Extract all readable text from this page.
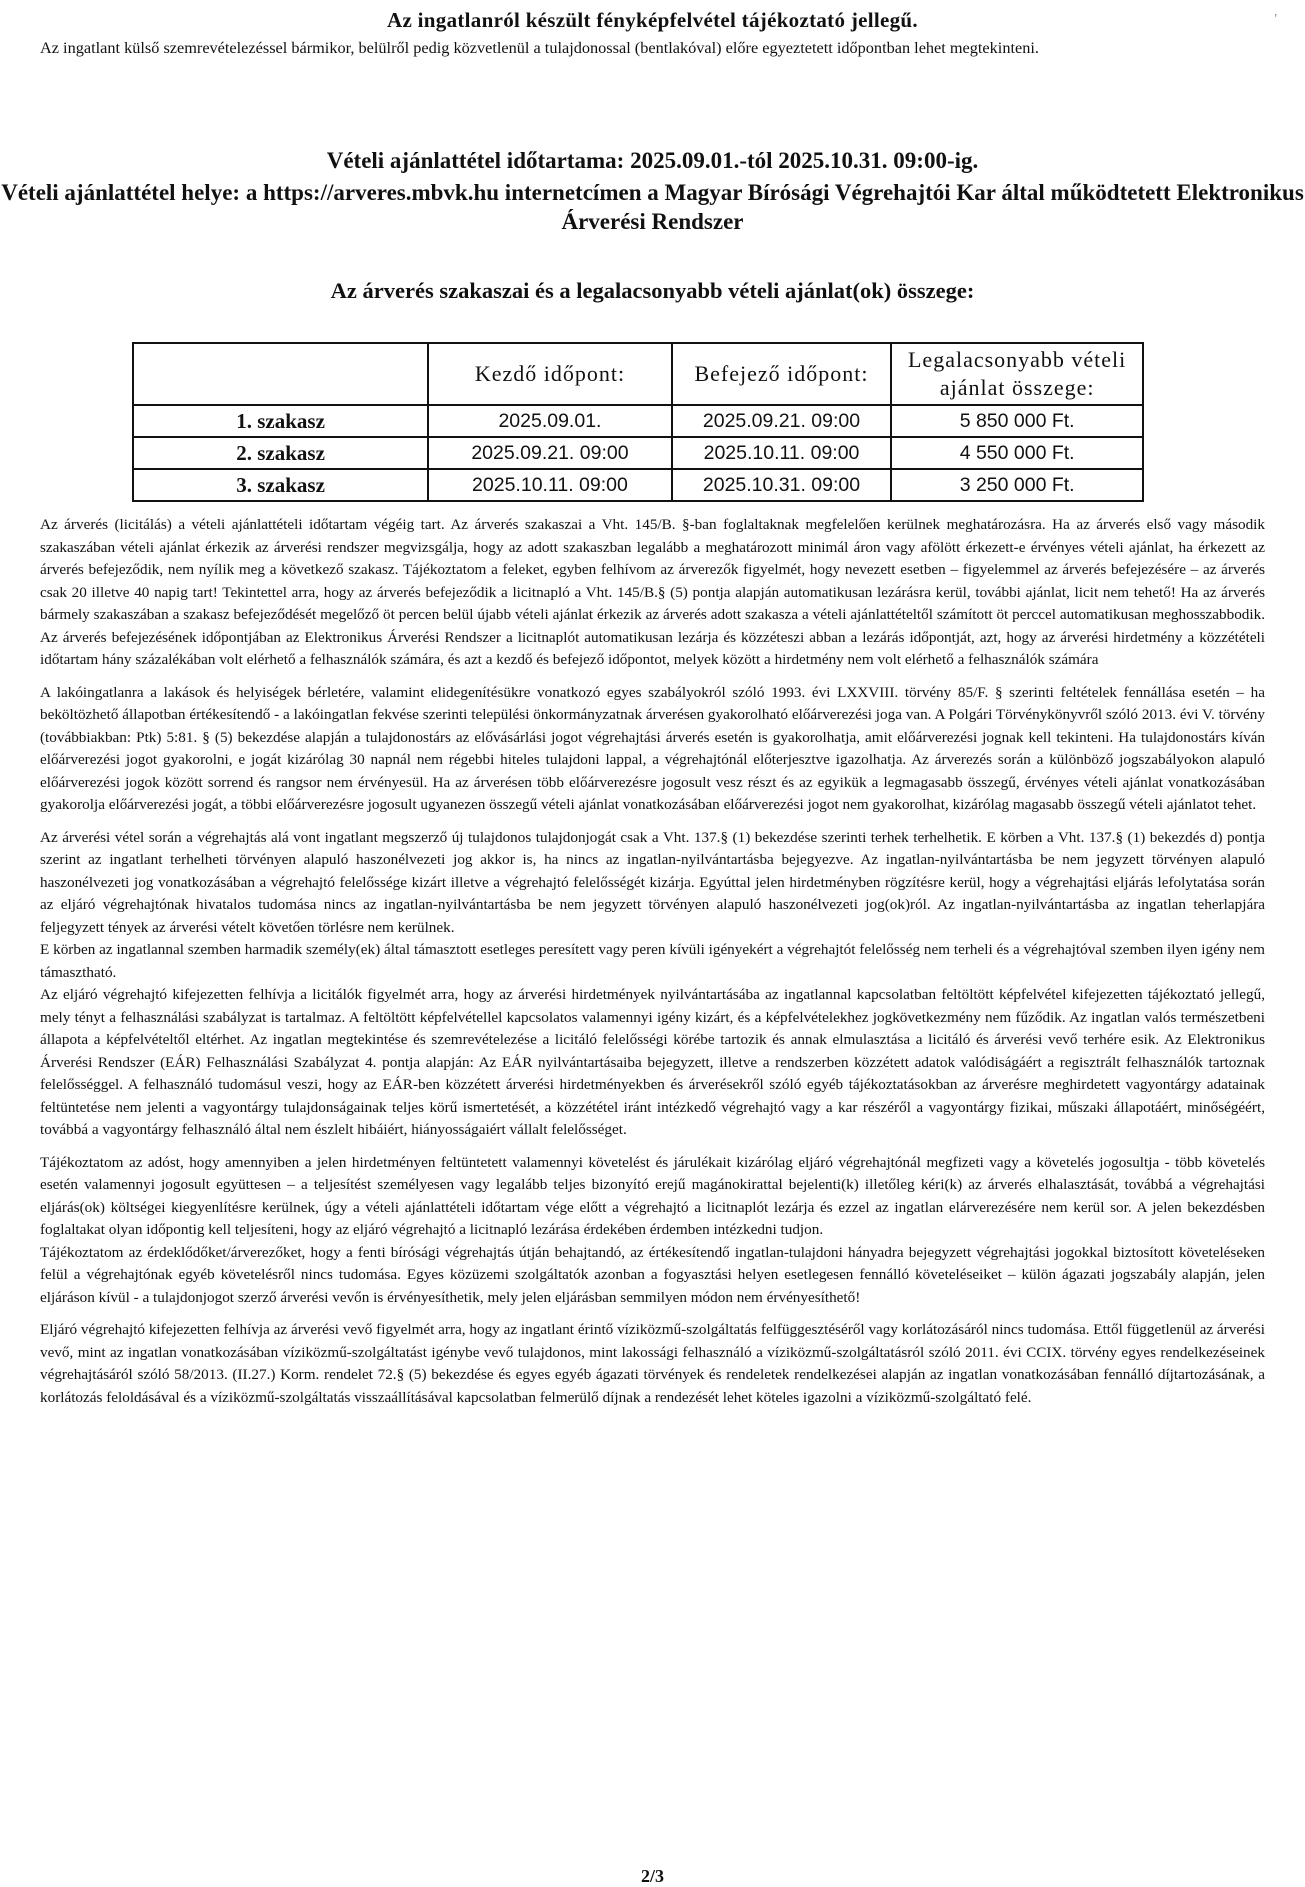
'
Az ingatlanról készült fényképfelvétel tájékoztató jellegű.
Az ingatlant külső szemrevételezéssel bármikor, belülről pedig közvetlenül a tulajdonossal (bentlakóval) előre egyeztetett időpontban lehet megtekinteni.
Vételi ajánlattétel időtartama: 2025.09.01.-tól 2025.10.31. 09:00-ig.
Vételi ajánlattétel helye: a https://arveres.mbvk.hu internetcímen a Magyar Bírósági Végrehajtói Kar által működtetett Elektronikus Árverési Rendszer
Az árverés szakaszai és a legalacsonyabb vételi ajánlat(ok) összege:
	Kezdő időpont:	Befejező időpont:	Legalacsonyabb vételi ajánlat összege:
1. szakasz	2025.09.01.	2025.09.21. 09:00	5 850 000 Ft.
2. szakasz	2025.09.21. 09:00	2025.10.11. 09:00	4 550 000 Ft.
3. szakasz	2025.10.11. 09:00	2025.10.31. 09:00	3 250 000 Ft.

Az árverés (licitálás) a vételi ajánlattételi időtartam végéig tart. Az árverés szakaszai a Vht. 145/B. §-ban foglaltaknak megfelelően kerülnek meghatározásra. Ha az árverés első vagy második szakaszában vételi ajánlat érkezik az árverési rendszer megvizsgálja, hogy az adott szakaszban legalább a meghatározott minimál áron vagy afölött érkezett-e érvényes vételi ajánlat, ha érkezett az árverés befejeződik, nem nyílik meg a következő szakasz. Tájékoztatom a feleket, egyben felhívom az árverezők figyelmét, hogy nevezett esetben – figyelemmel az árverés befejezésére – az árverés csak 20 illetve 40 napig tart! Tekintettel arra, hogy az árverés befejeződik a licitnapló a Vht. 145/B.§ (5) pontja alapján automatikusan lezárásra kerül, további ajánlat, licit nem tehető! Ha az árverés bármely szakaszában a szakasz befejeződését megelőző öt percen belül újabb vételi ajánlat érkezik az árverés adott szakasza a vételi ajánlattételtől számított öt perccel automatikusan meghosszabbodik. Az árverés befejezésének időpontjában az Elektronikus Árverési Rendszer a licitnaplót automatikusan lezárja és közzéteszi abban a lezárás időpontját, azt, hogy az árverési hirdetmény a közzétételi időtartam hány százalékában volt elérhető a felhasználók számára, és azt a kezdő és befejező időpontot, melyek között a hirdetmény nem volt elérhető a felhasználók számára

A lakóingatlanra a lakások és helyiségek bérletére, valamint elidegenítésükre vonatkozó egyes szabályokról szóló 1993. évi LXXVIII. törvény 85/F. § szerinti feltételek fennállása esetén – ha beköltözhető állapotban értékesítendő - a lakóingatlan fekvése szerinti települési önkormányzatnak árverésen gyakorolható előárverezési joga van. A Polgári Törvénykönyvről szóló 2013. évi V. törvény (továbbiakban: Ptk) 5:81. § (5) bekezdése alapján a tulajdonostárs az elővásárlási jogot végrehajtási árverés esetén is gyakorolhatja, amit előárverezési jognak kell tekinteni. Ha tulajdonostárs kíván előárverezési jogot gyakorolni, e jogát kizárólag 30 napnál nem régebbi hiteles tulajdoni lappal, a végrehajtónál előterjesztve igazolhatja. Az árverezés során a különböző jogszabályokon alapuló előárverezési jogok között sorrend és rangsor nem érvényesül. Ha az árverésen több előárverezésre jogosult vesz részt és az egyikük a legmagasabb összegű, érvényes vételi ajánlat vonatkozásában gyakorolja előárverezési jogát, a többi előárverezésre jogosult ugyanezen összegű vételi ajánlat vonatkozásában előárverezési jogot nem gyakorolhat, kizárólag magasabb összegű vételi ajánlatot tehet.

Az árverési vétel során a végrehajtás alá vont ingatlant megszerző új tulajdonos tulajdonjogát csak a Vht. 137.§ (1) bekezdése szerinti terhek terhelhetik. E körben a Vht. 137.§ (1) bekezdés d) pontja szerint az ingatlant terhelheti törvényen alapuló haszonélvezeti jog akkor is, ha nincs az ingatlan-nyilvántartásba bejegyezve. Az ingatlan-nyilvántartásba be nem jegyzett törvényen alapuló haszonélvezeti jog vonatkozásában a végrehajtó felelőssége kizárt illetve a végrehajtó felelősségét kizárja. Egyúttal jelen hirdetményben rögzítésre kerül, hogy a végrehajtási eljárás lefolytatása során az eljáró végrehajtónak hivatalos tudomása nincs az ingatlan-nyilvántartásba be nem jegyzett törvényen alapuló haszonélvezeti jog(ok)ról. Az ingatlan-nyilvántartásba az ingatlan teherlapjára feljegyzett tények az árverési vételt követően törlésre nem kerülnek.

E körben az ingatlannal szemben harmadik személy(ek) által támasztott esetleges peresített vagy peren kívüli igényekért a végrehajtót felelősség nem terheli és a végrehajtóval szemben ilyen igény nem támasztható.

Az eljáró végrehajtó kifejezetten felhívja a licitálók figyelmét arra, hogy az árverési hirdetmények nyilvántartásába az ingatlannal kapcsolatban feltöltött képfelvétel kifejezetten tájékoztató jellegű, mely tényt a felhasználási szabályzat is tartalmaz. A feltöltött képfelvétellel kapcsolatos valamennyi igény kizárt, és a képfelvételekhez jogkövetkezmény nem fűződik. Az ingatlan valós természetbeni állapota a képfelvételtől eltérhet. Az ingatlan megtekintése és szemrevételezése a licitáló felelősségi körébe tartozik és annak elmulasztása a licitáló és árverési vevő terhére esik. Az Elektronikus Árverési Rendszer (EÁR) Felhasználási Szabályzat 4. pontja alapján: Az EÁR nyilvántartásaiba bejegyzett, illetve a rendszerben közzétett adatok valódiságáért a regisztrált felhasználók tartoznak felelősséggel. A felhasználó tudomásul veszi, hogy az EÁR-ben közzétett árverési hirdetményekben és árverésekről szóló egyéb tájékoztatásokban az árverésre meghirdetett vagyontárgy adatainak feltüntetése nem jelenti a vagyontárgy tulajdonságainak teljes körű ismertetését, a közzététel iránt intézkedő végrehajtó vagy a kar részéről a vagyontárgy fizikai, műszaki állapotáért, minőségéért, továbbá a vagyontárgy felhasználó által nem észlelt hibáiért, hiányosságaiért vállalt felelősséget.

Tájékoztatom az adóst, hogy amennyiben a jelen hirdetményen feltüntetett valamennyi követelést és járulékait kizárólag eljáró végrehajtónál megfizeti vagy a követelés jogosultja - több követelés esetén valamennyi jogosult együttesen – a teljesítést személyesen vagy legalább teljes bizonyító erejű magánokirattal bejelenti(k) illetőleg kéri(k) az árverés elhalasztását, továbbá a végrehajtási eljárás(ok) költségei kiegyenlítésre kerülnek, úgy a vételi ajánlattételi időtartam vége előtt a végrehajtó a licitnaplót lezárja és ezzel az ingatlan elárverezésére nem kerül sor. A jelen bekezdésben foglaltakat olyan időpontig kell teljesíteni, hogy az eljáró végrehajtó a licitnapló lezárása érdekében érdemben intézkedni tudjon.

Tájékoztatom az érdeklődőket/árverezőket, hogy a fenti bírósági végrehajtás útján behajtandó, az értékesítendő ingatlan-tulajdoni hányadra bejegyzett végrehajtási jogokkal biztosított követeléseken felül a végrehajtónak egyéb követelésről nincs tudomása. Egyes közüzemi szolgáltatók azonban a fogyasztási helyen esetlegesen fennálló követeléseiket – külön ágazati jogszabály alapján, jelen eljáráson kívül - a tulajdonjogot szerző árverési vevőn is érvényesíthetik, mely jelen eljárásban semmilyen módon nem érvényesíthető!

Eljáró végrehajtó kifejezetten felhívja az árverési vevő figyelmét arra, hogy az ingatlant érintő víziközmű-szolgáltatás felfüggesztéséről vagy korlátozásáról nincs tudomása. Ettől függetlenül az árverési vevő, mint az ingatlan vonatkozásában víziközmű-szolgáltatást igénybe vevő tulajdonos, mint lakossági felhasználó a víziközmű-szolgáltatásról szóló 2011. évi CCIX. törvény egyes rendelkezéseinek végrehajtásáról szóló 58/2013. (II.27.) Korm. rendelet 72.§ (5) bekezdése és egyes egyéb ágazati törvények és rendeletek rendelkezései alapján az ingatlan vonatkozásában fennálló díjtartozásának, a korlátozás feloldásával és a víziközmű-szolgáltatás visszaállításával kapcsolatban felmerülő díjnak a rendezését lehet köteles igazolni a víziközmű-szolgáltató felé.

2/3
